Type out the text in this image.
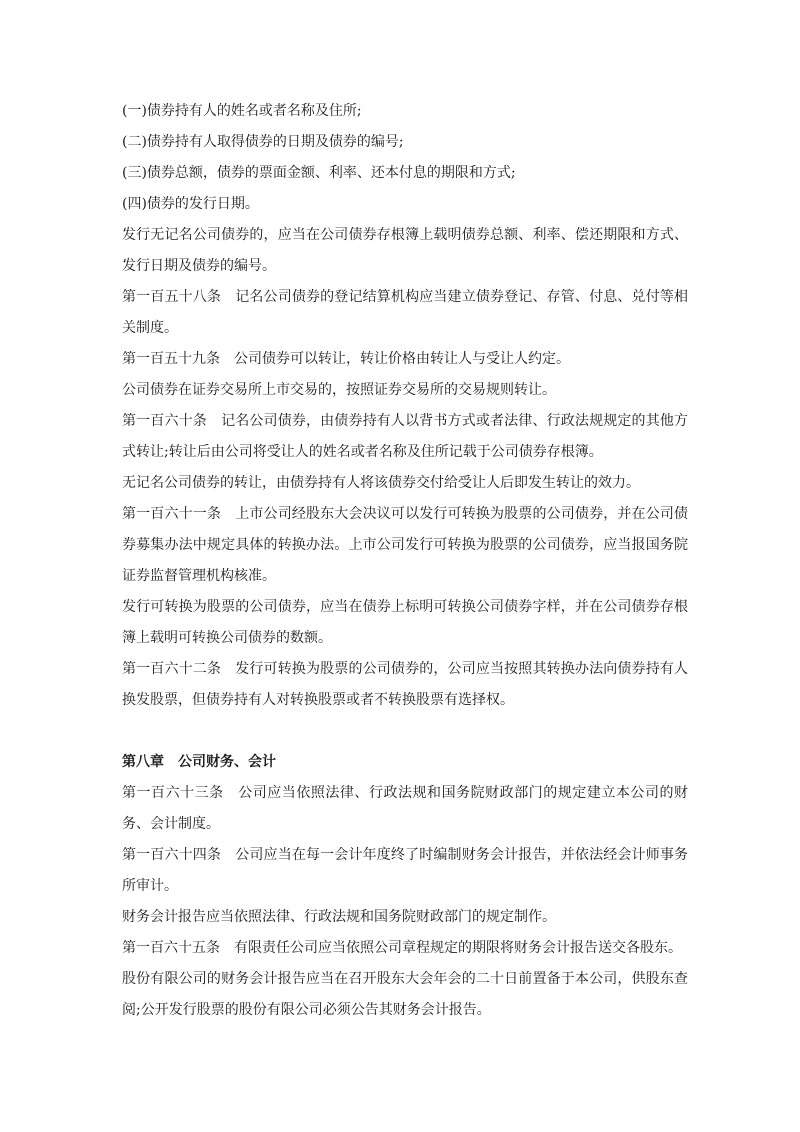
(一)债券持有人的姓名或者名称及住所;

(二)债券持有人取得债券的日期及债券的编号;

(三)债券总额，债券的票面金额、利率、还本付息的期限和方式;

(四)债券的发行日期。

发行无记名公司债券的，应当在公司债券存根簿上载明债券总额、利率、偿还期限和方式、发行日期及债券的编号。

第一百五十八条　记名公司债券的登记结算机构应当建立债券登记、存管、付息、兑付等相关制度。

第一百五十九条　公司债券可以转让，转让价格由转让人与受让人约定。

公司债券在证券交易所上市交易的，按照证券交易所的交易规则转让。

第一百六十条　记名公司债券，由债券持有人以背书方式或者法律、行政法规规定的其他方式转让;转让后由公司将受让人的姓名或者名称及住所记载于公司债券存根簿。

无记名公司债券的转让，由债券持有人将该债券交付给受让人后即发生转让的效力。

第一百六十一条　上市公司经股东大会决议可以发行可转换为股票的公司债券，并在公司债券募集办法中规定具体的转换办法。上市公司发行可转换为股票的公司债券，应当报国务院证券监督管理机构核准。

发行可转换为股票的公司债券，应当在债券上标明可转换公司债券字样，并在公司债券存根簿上载明可转换公司债券的数额。

第一百六十二条　发行可转换为股票的公司债券的，公司应当按照其转换办法向债券持有人换发股票，但债券持有人对转换股票或者不转换股票有选择权。

第八章　公司财务、会计

第一百六十三条　公司应当依照法律、行政法规和国务院财政部门的规定建立本公司的财务、会计制度。

第一百六十四条　公司应当在每一会计年度终了时编制财务会计报告，并依法经会计师事务所审计。

财务会计报告应当依照法律、行政法规和国务院财政部门的规定制作。

第一百六十五条　有限责任公司应当依照公司章程规定的期限将财务会计报告送交各股东。

股份有限公司的财务会计报告应当在召开股东大会年会的二十日前置备于本公司，供股东查阅;公开发行股票的股份有限公司必须公告其财务会计报告。
